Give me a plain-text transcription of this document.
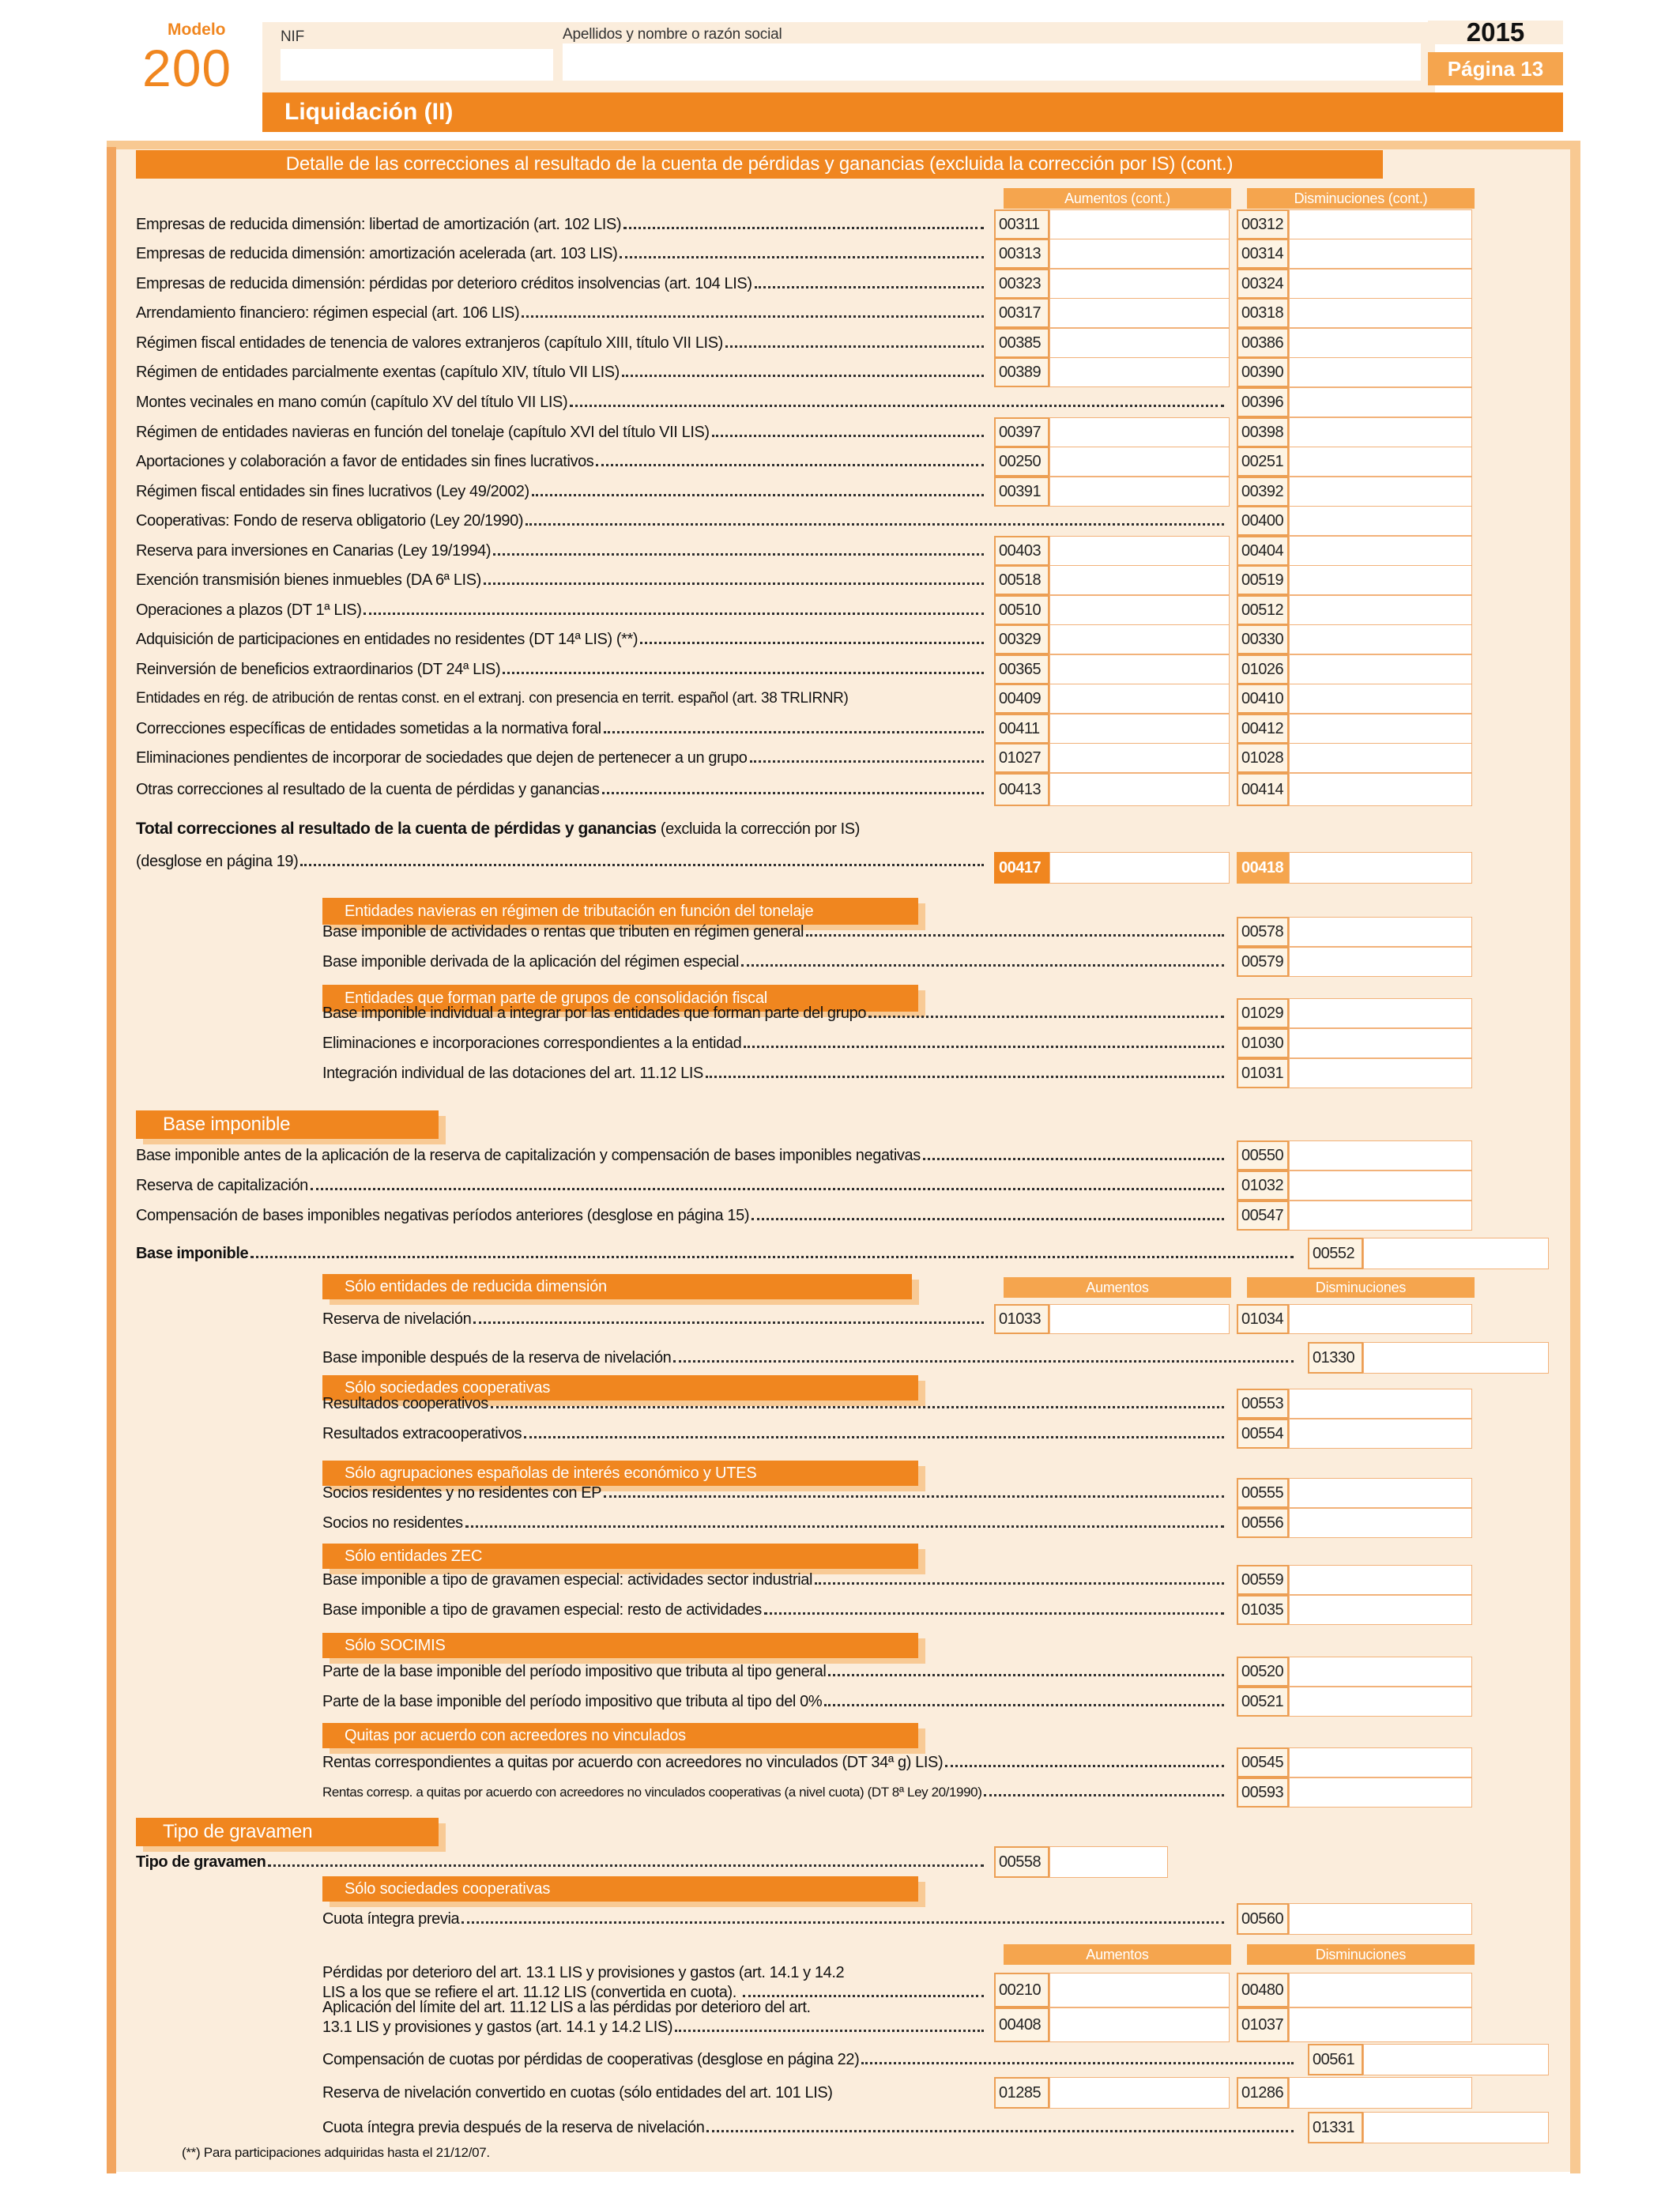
Modelo
200
NIF	Apellidos y nombre o razón social	2015
Página 13
Liquidación (II)
Detalle de las correcciones al resultado de la cuenta de pérdidas y ganancias (excluida la corrección por IS) (cont.)
Aumentos (cont.)	Disminuciones (cont.)
Empresas de reducida dimensión: libertad de amortización (art. 102 LIS)	00311	00312
Empresas de reducida dimensión: amortización acelerada (art. 103 LIS)	00313	00314
Empresas de reducida dimensión: pérdidas por deterioro créditos insolvencias (art. 104 LIS)	00323	00324
Arrendamiento financiero: régimen especial (art. 106 LIS)	00317	00318
Régimen fiscal entidades de tenencia de valores extranjeros (capítulo XIII, título VII LIS)	00385	00386
Régimen de entidades parcialmente exentas (capítulo XIV, título VII LIS)	00389	00390
Montes vecinales en mano común (capítulo XV del título VII LIS)	00396
Régimen de entidades navieras en función del tonelaje (capítulo XVI del título VII LIS)	00397	00398
Aportaciones y colaboración a favor de entidades sin fines lucrativos	00250	00251
Régimen fiscal entidades sin fines lucrativos (Ley 49/2002)	00391	00392
Cooperativas: Fondo de reserva obligatorio (Ley 20/1990)	00400
Reserva para inversiones en Canarias (Ley 19/1994)	00403	00404
Exención transmisión bienes inmuebles (DA 6ª LIS)	00518	00519
Operaciones a plazos (DT 1ª LIS)	00510	00512
Adquisición de participaciones en entidades no residentes (DT 14ª LIS) (**)	00329	00330
Reinversión de beneficios extraordinarios (DT 24ª LIS)	00365	01026
Entidades en rég. de atribución de rentas const. en el extranj. con presencia en territ. español (art. 38 TRLIRNR)	00409	00410
Correcciones específicas de entidades sometidas a la normativa foral	00411	00412
Eliminaciones pendientes de incorporar de sociedades que dejen de pertenecer a un grupo	01027	01028
Otras correcciones al resultado de la cuenta de pérdidas y ganancias	00413	00414
Total correcciones al resultado de la cuenta de pérdidas y ganancias (excluida la corrección por IS)
(desglose en página 19)	00417	00418
Entidades navieras en régimen de tributación en función del tonelaje
Base imponible de actividades o rentas que tributen en régimen general	00578
Base imponible derivada de la aplicación del régimen especial	00579
Entidades que forman parte de grupos de consolidación fiscal
Base imponible individual a integrar por las entidades que forman parte del grupo	01029
Eliminaciones e incorporaciones correspondientes a la entidad	01030
Integración individual de las dotaciones del art. 11.12 LIS	01031
Base imponible
Base imponible antes de la aplicación de la reserva de capitalización y compensación de bases imponibles negativas	00550
Reserva de capitalización	01032
Compensación de bases imponibles negativas períodos anteriores (desglose en página 15)	00547
Base imponible	00552
Sólo entidades de reducida dimensión	Aumentos	Disminuciones
Reserva de nivelación	01033	01034
Base imponible después de la reserva de nivelación	01330
Sólo sociedades cooperativas
Resultados cooperativos	00553
Resultados extracooperativos	00554
Sólo agrupaciones españolas de interés económico y UTES
Socios residentes y no residentes con EP	00555
Socios no residentes	00556
Sólo entidades ZEC
Base imponible a tipo de gravamen especial: actividades sector industrial	00559
Base imponible a tipo de gravamen especial: resto de actividades	01035
Sólo SOCIMIS
Parte de la base imponible del período impositivo que tributa al tipo general	00520
Parte de la base imponible del período impositivo que tributa al tipo del 0%	00521
Quitas por acuerdo con acreedores no vinculados
Rentas correspondientes a quitas por acuerdo con acreedores no vinculados (DT 34ª g) LIS)	00545
Rentas corresp. a quitas por acuerdo con acreedores no vinculados cooperativas (a nivel cuota) (DT 8ª Ley 20/1990)	00593
Tipo de gravamen
Tipo de gravamen	00558
Sólo sociedades cooperativas
Cuota íntegra previa	00560
Aumentos	Disminuciones
Pérdidas por deterioro del art. 13.1 LIS y provisiones y gastos (art. 14.1 y 14.2
LIS a los que se refiere el art. 11.12 LIS (convertida en cuota).	00210	00480
Aplicación del límite del art. 11.12 LIS a las pérdidas por deterioro del art.
13.1 LIS y provisiones y gastos (art. 14.1 y 14.2 LIS)	00408	01037
Compensación de cuotas por pérdidas de cooperativas (desglose en página 22)	00561
Reserva de nivelación convertido en cuotas (sólo entidades del art. 101 LIS)	01285	01286
Cuota íntegra previa después de la reserva de nivelación	01331
(**) Para participaciones adquiridas hasta el 21/12/07.
